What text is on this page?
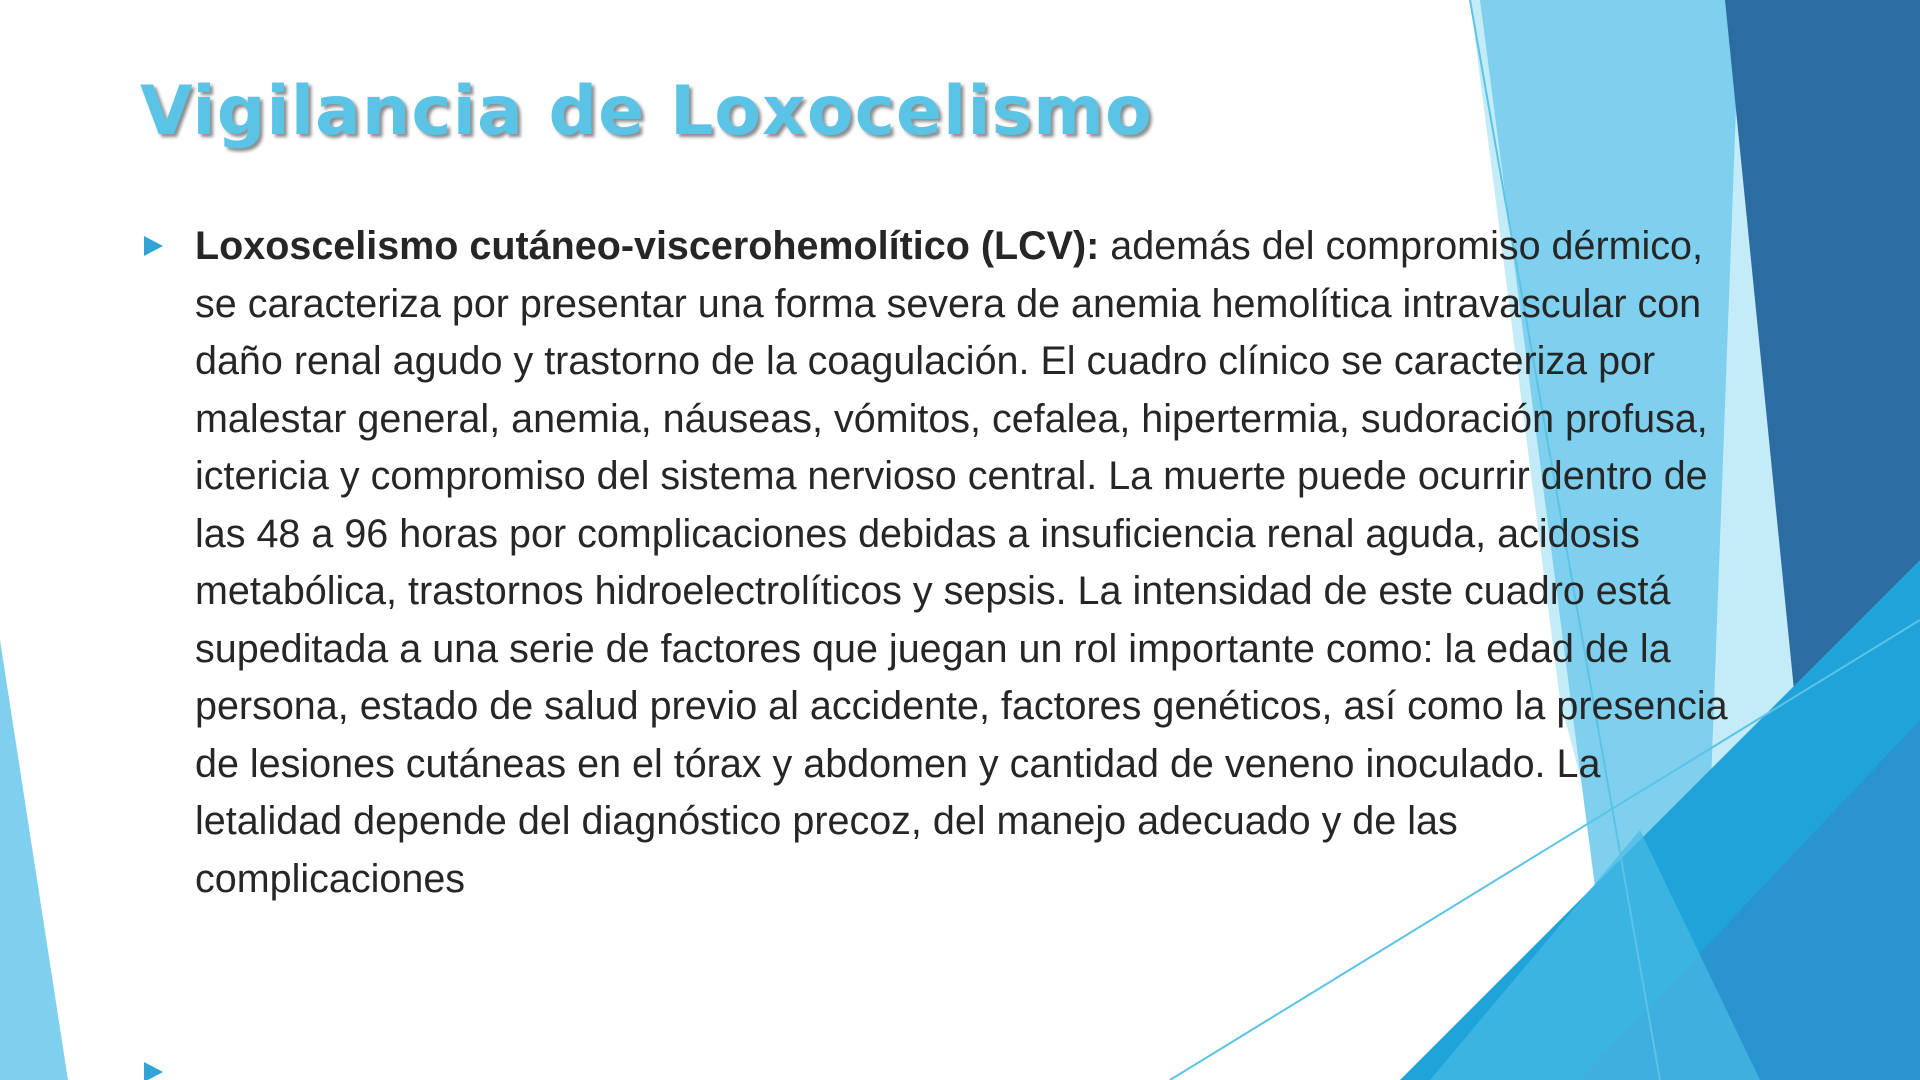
Vigilancia de Loxocelismo

Loxoscelismo cutáneo-viscerohemolítico (LCV): además del compromiso dérmico, se caracteriza por presentar una forma severa de anemia hemolítica intravascular con daño renal agudo y trastorno de la coagulación. El cuadro clínico se caracteriza por malestar general, anemia, náuseas, vómitos, cefalea, hipertermia, sudoración profusa, ictericia y compromiso del sistema nervioso central. La muerte puede ocurrir dentro de las 48 a 96 horas por complicaciones debidas a insuficiencia renal aguda, acidosis metabólica, trastornos hidroelectrolíticos y sepsis. La intensidad de este cuadro está supeditada a una serie de factores que juegan un rol importante como: la edad de la persona, estado de salud previo al accidente, factores genéticos, así como la presencia de lesiones cutáneas en el tórax y abdomen y cantidad de veneno inoculado. La letalidad depende del diagnóstico precoz, del manejo adecuado y de las complicaciones
